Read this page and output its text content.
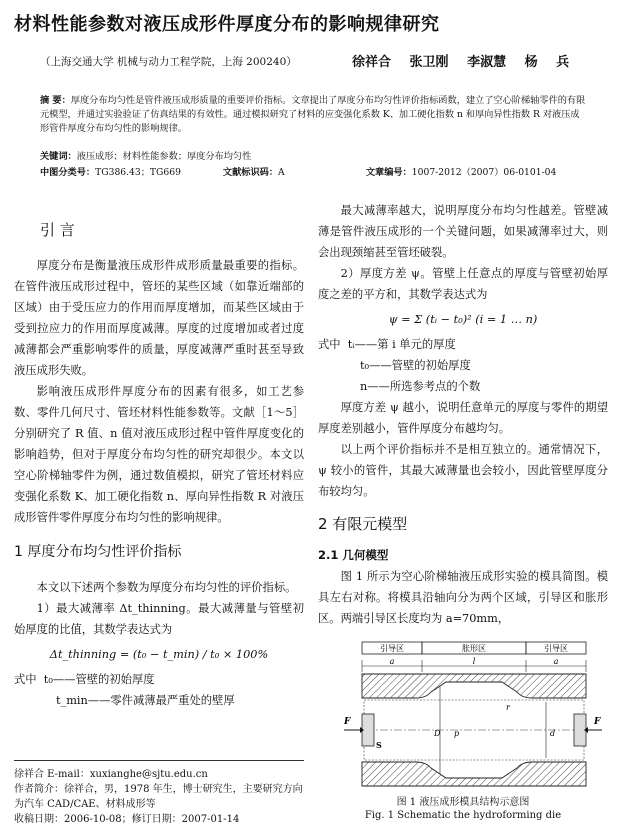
材料性能参数对液压成形件厚度分布的影响规律研究
（上海交通大学 机械与动力工程学院，上海 200240）	徐祥合 张卫刚 李淑慧 杨 兵
摘 要：厚度分布均匀性是管件液压成形质量的重要评价指标。文章提出了厚度分布均匀性评价指标函数，建立了空心阶梯轴零件的有限元模型，并通过实验验证了仿真结果的有效性。通过模拟研究了材料的应变强化系数 K、加工硬化指数 n 和厚向异性指数 R 对液压成形管件厚度分布均匀性的影响规律。
关键词：液压成形；材料性能参数；厚度分布均匀性
中图分类号：TG386.43；TG669	文献标识码：A	文章编号：1007-2012（2007）06-0101-04
引 言

厚度分布是衡量液压成形件成形质量最重要的指标。在管件液压成形过程中，管坯的某些区域（如靠近端部的区域）由于受压应力的作用而厚度增加，而某些区域由于受到拉应力的作用而厚度减薄。厚度的过度增加或者过度减薄都会严重影响零件的质量，厚度减薄严重时甚至导致液压成形失败。

影响液压成形件厚度分布的因素有很多，如工艺参数、零件几何尺寸、管坯材料性能参数等。文献［1～5］分别研究了 R 值、n 值对液压成形过程中管件厚度变化的影响趋势，但对于厚度分布均匀性的研究却很少。本文以空心阶梯轴零件为例，通过数值模拟，研究了管坯材料应变强化系数 K、加工硬化指数 n、厚向异性指数 R 对液压成形管件零件厚度分布均匀性的影响规律。

1 厚度分布均匀性评价指标

本文以下述两个参数为厚度分布均匀性的评价指标。

1）最大减薄率 Δt_thinning。最大减薄量与管壁初始厚度的比值，其数学表达式为

Δt_thinning = (t₀ − t_min) / t₀ × 100%
式中 t₀——管壁的初始厚度
t_min——零件减薄最严重处的壁厚
徐祥合 E-mail：xuxianghe@sjtu.edu.cn
作者简介：徐祥合，男，1978 年生，博士研究生，主要研究方向为汽车 CAD/CAE、材料成形等
收稿日期：2006-10-08；修订日期：2007-01-14

最大减薄率越大，说明厚度分布均匀性越差。管壁减薄是管件液压成形的一个关键问题，如果减薄率过大，则会出现颈缩甚至管坯破裂。

2）厚度方差 ψ。管壁上任意点的厚度与管壁初始厚度之差的平方和，其数学表达式为

ψ = Σ (tᵢ − t₀)² (i = 1 … n)
式中 tᵢ——第 i 单元的厚度
t₀——管壁的初始厚度
n——所选参考点的个数

厚度方差 ψ 越小，说明任意单元的厚度与零件的期望厚度差别越小，管件厚度分布越均匀。

以上两个评价指标并不是相互独立的。通常情况下，ψ 较小的管件，其最大减薄量也会较小，因此管壁厚度分布较均匀。

2 有限元模型
2.1 几何模型

图 1 所示为空心阶梯轴液压成形实验的模具简图。模具左右对称。将模具沿轴向分为两个区域，引导区和胀形区。两端引导区长度均为 a=70mm，

引导区	胀形区	引导区
a	l	a
F	F
S
D p
r
d
图 1 液压成形模具结构示意图
Fig. 1 Schematic the hydroforming die
